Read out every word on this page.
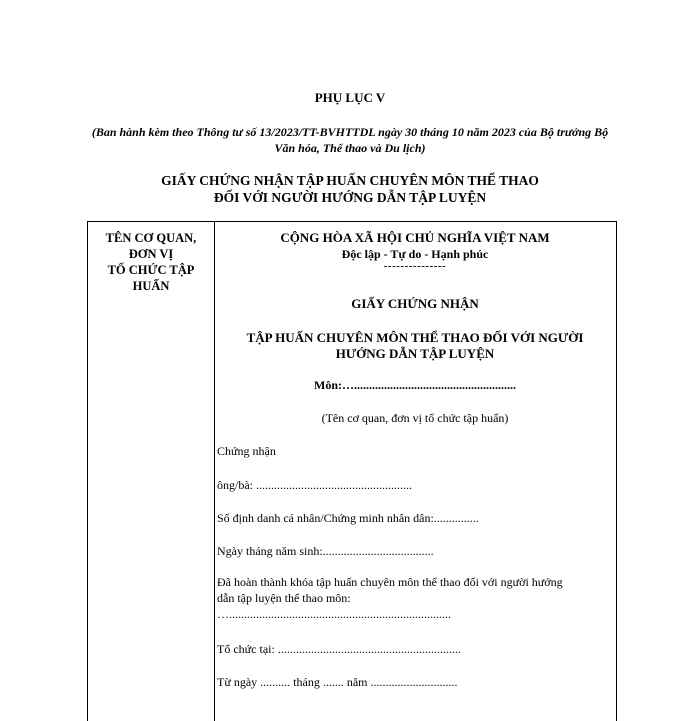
PHỤ LỤC V
(Ban hành kèm theo Thông tư số 13/2023/TT-BVHTTDL ngày 30 tháng 10 năm 2023 của Bộ trưởng Bộ Văn hóa, Thể thao và Du lịch)
GIẤY CHỨNG NHẬN TẬP HUẤN CHUYÊN MÔN THỂ THAO
ĐỐI VỚI NGƯỜI HƯỚNG DẪN TẬP LUYỆN
TÊN CƠ QUAN,
ĐƠN VỊ
TỔ CHỨC TẬP
HUẤN
CỘNG HÒA XÃ HỘI CHỦ NGHĨA VIỆT NAM
Độc lập - Tự do - Hạnh phúc
---------------
GIẤY CHỨNG NHẬN
TẬP HUẤN CHUYÊN MÔN THỂ THAO ĐỐI VỚI NGƯỜI
HƯỚNG DẪN TẬP LUYỆN
Môn:…......................................................
(Tên cơ quan, đơn vị tổ chức tập huấn)
Chứng nhận
ông/bà: ....................................................
Số định danh cá nhân/Chứng minh nhân dân:...............
Ngày tháng năm sinh:.....................................
Đã hoàn thành khóa tập huấn chuyên môn thể thao đối với người hướng
dẫn tập luyện thể thao môn:
…..........................................................................
Tổ chức tại: .............................................................
Từ ngày .......... tháng ....... năm .............................
